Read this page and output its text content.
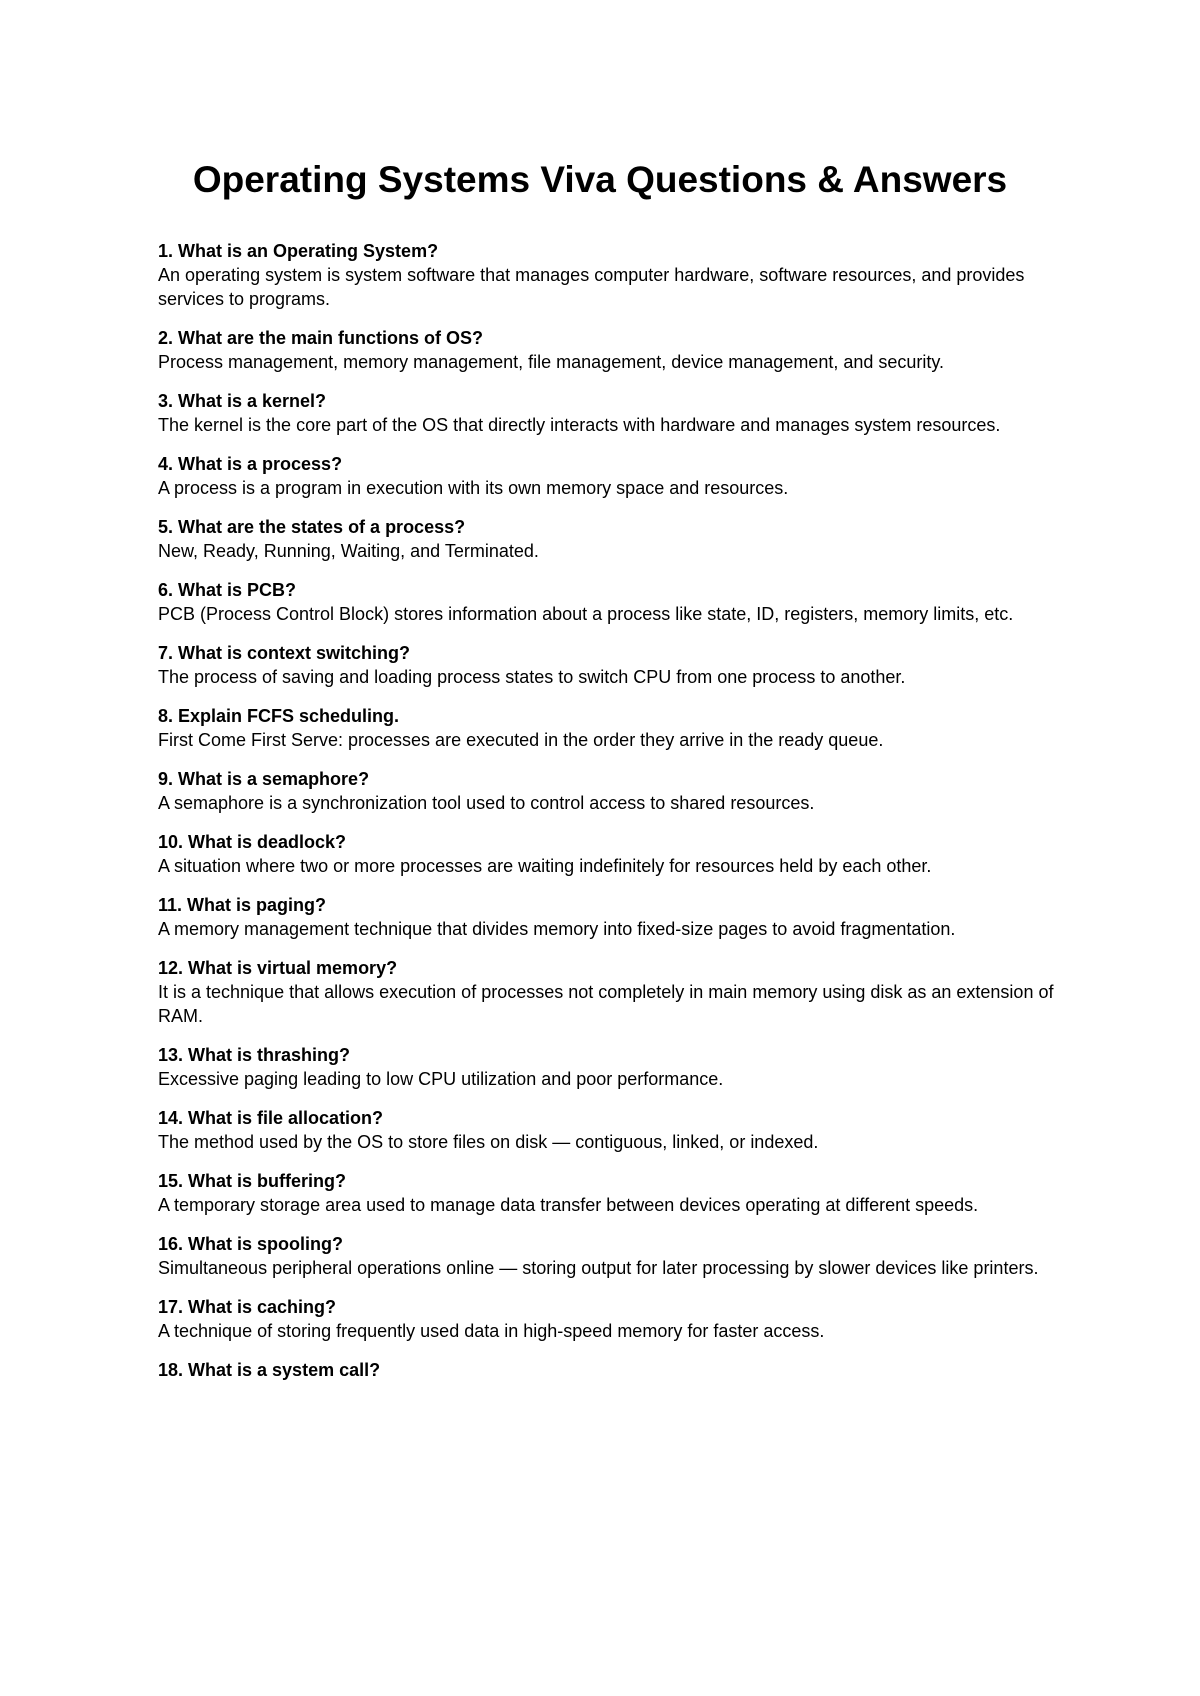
Operating Systems Viva Questions & Answers
1. What is an Operating System?
An operating system is system software that manages computer hardware, software resources, and provides services to programs.
2. What are the main functions of OS?
Process management, memory management, file management, device management, and security.
3. What is a kernel?
The kernel is the core part of the OS that directly interacts with hardware and manages system resources.
4. What is a process?
A process is a program in execution with its own memory space and resources.
5. What are the states of a process?
New, Ready, Running, Waiting, and Terminated.
6. What is PCB?
PCB (Process Control Block) stores information about a process like state, ID, registers, memory limits, etc.
7. What is context switching?
The process of saving and loading process states to switch CPU from one process to another.
8. Explain FCFS scheduling.
First Come First Serve: processes are executed in the order they arrive in the ready queue.
9. What is a semaphore?
A semaphore is a synchronization tool used to control access to shared resources.
10. What is deadlock?
A situation where two or more processes are waiting indefinitely for resources held by each other.
11. What is paging?
A memory management technique that divides memory into fixed-size pages to avoid fragmentation.
12. What is virtual memory?
It is a technique that allows execution of processes not completely in main memory using disk as an extension of RAM.
13. What is thrashing?
Excessive paging leading to low CPU utilization and poor performance.
14. What is file allocation?
The method used by the OS to store files on disk — contiguous, linked, or indexed.
15. What is buffering?
A temporary storage area used to manage data transfer between devices operating at different speeds.
16. What is spooling?
Simultaneous peripheral operations online — storing output for later processing by slower devices like printers.
17. What is caching?
A technique of storing frequently used data in high-speed memory for faster access.
18. What is a system call?
